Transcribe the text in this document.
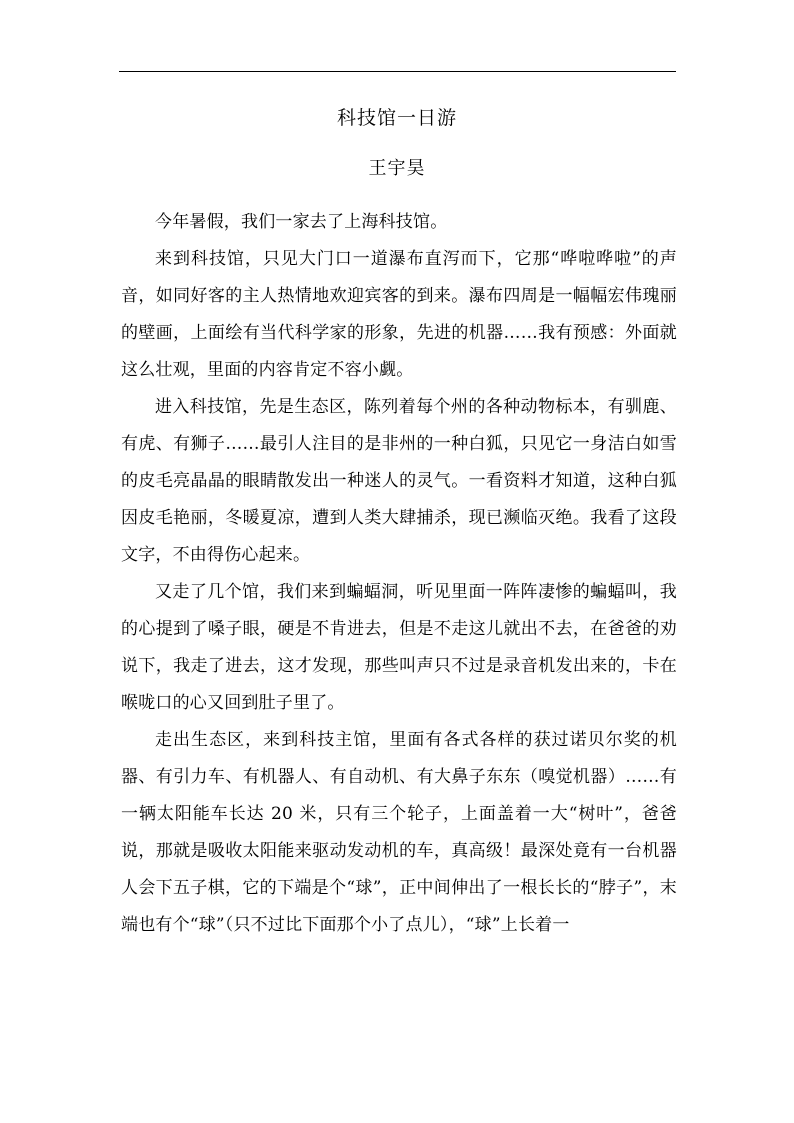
科技馆一日游
王宇昊

今年暑假，我们一家去了上海科技馆。

来到科技馆，只见大门口一道瀑布直泻而下，它那“哗啦哗啦”的声音，如同好客的主人热情地欢迎宾客的到来。瀑布四周是一幅幅宏伟瑰丽的壁画，上面绘有当代科学家的形象，先进的机器……我有预感：外面就这么壮观，里面的内容肯定不容小觑。

进入科技馆，先是生态区，陈列着每个州的各种动物标本，有驯鹿、有虎、有狮子……最引人注目的是非州的一种白狐，只见它一身洁白如雪的皮毛亮晶晶的眼睛散发出一种迷人的灵气。一看资料才知道，这种白狐因皮毛艳丽，冬暖夏凉，遭到人类大肆捕杀，现已濒临灭绝。我看了这段文字，不由得伤心起来。

又走了几个馆，我们来到蝙蝠洞，听见里面一阵阵凄惨的蝙蝠叫，我的心提到了嗓子眼，硬是不肯进去，但是不走这儿就出不去，在爸爸的劝说下，我走了进去，这才发现，那些叫声只不过是录音机发出来的，卡在喉咙口的心又回到肚子里了。

走出生态区，来到科技主馆，里面有各式各样的获过诺贝尔奖的机器、有引力车、有机器人、有自动机、有大鼻子东东（嗅觉机器）……有一辆太阳能车长达 20 米，只有三个轮子，上面盖着一大“树叶”，爸爸说，那就是吸收太阳能来驱动发动机的车，真高级！最深处竟有一台机器人会下五子棋，它的下端是个“球”，正中间伸出了一根长长的“脖子”，末端也有个“球”（只不过比下面那个小了点儿），“球”上长着一
